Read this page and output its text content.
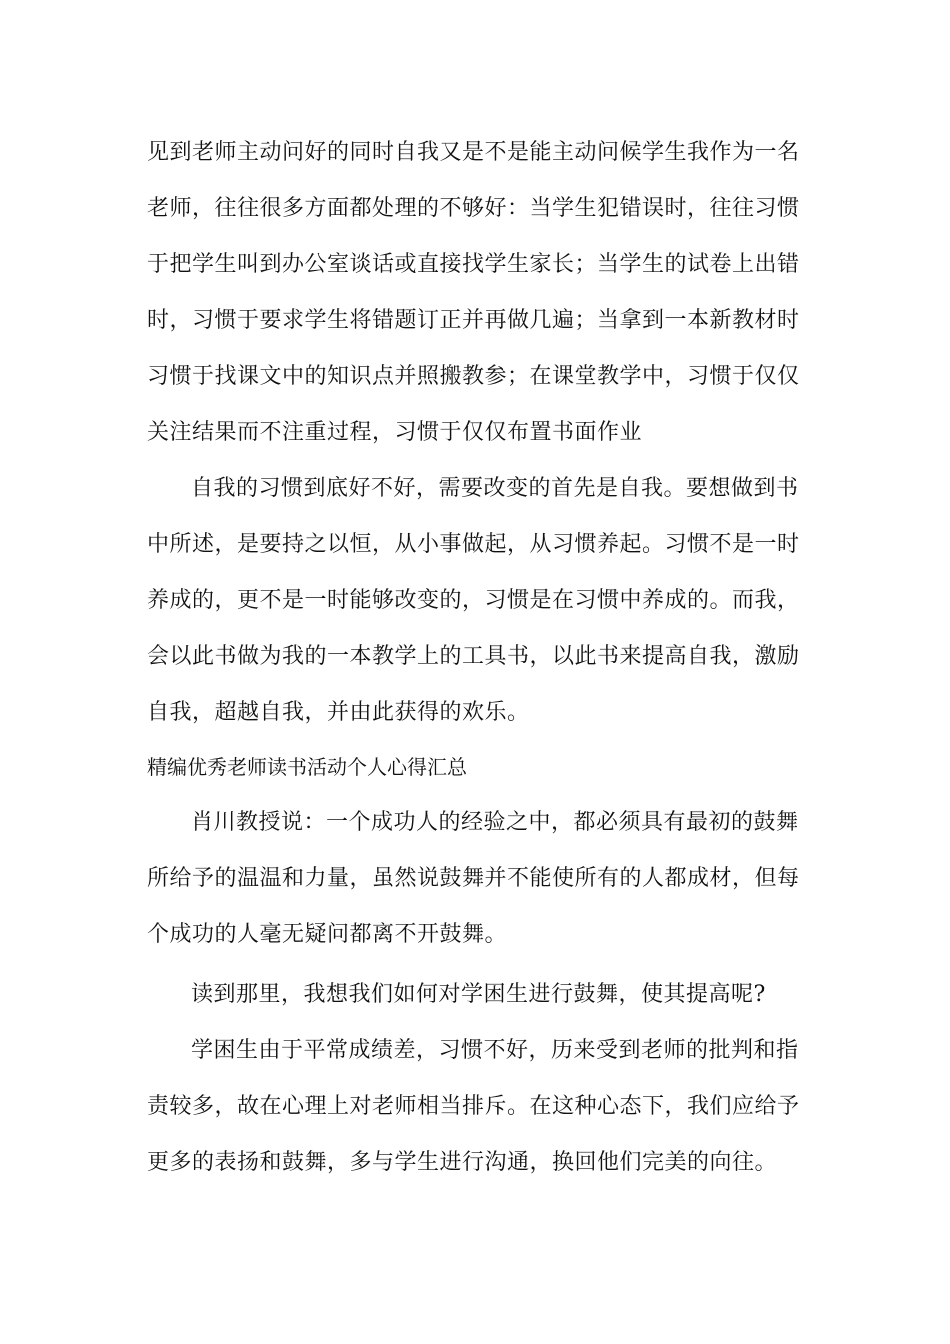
见到老师主动问好的同时自我又是不是能主动问候学生我作为一名
老师，往往很多方面都处理的不够好：当学生犯错误时，往往习惯
于把学生叫到办公室谈话或直接找学生家长；当学生的试卷上出错
时，习惯于要求学生将错题订正并再做几遍；当拿到一本新教材时
习惯于找课文中的知识点并照搬教参；在课堂教学中，习惯于仅仅
关注结果而不注重过程，习惯于仅仅布置书面作业
自我的习惯到底好不好，需要改变的首先是自我。要想做到书
中所述，是要持之以恒，从小事做起，从习惯养起。习惯不是一时
养成的，更不是一时能够改变的，习惯是在习惯中养成的。而我，
会以此书做为我的一本教学上的工具书，以此书来提高自我，激励
自我，超越自我，并由此获得的欢乐。
精编优秀老师读书活动个人心得汇总
肖川教授说：一个成功人的经验之中，都必须具有最初的鼓舞
所给予的温温和力量，虽然说鼓舞并不能使所有的人都成材，但每
个成功的人毫无疑问都离不开鼓舞。
读到那里，我想我们如何对学困生进行鼓舞，使其提高呢?
学困生由于平常成绩差，习惯不好，历来受到老师的批判和指
责较多，故在心理上对老师相当排斥。在这种心态下，我们应给予
更多的表扬和鼓舞，多与学生进行沟通，换回他们完美的向往。
